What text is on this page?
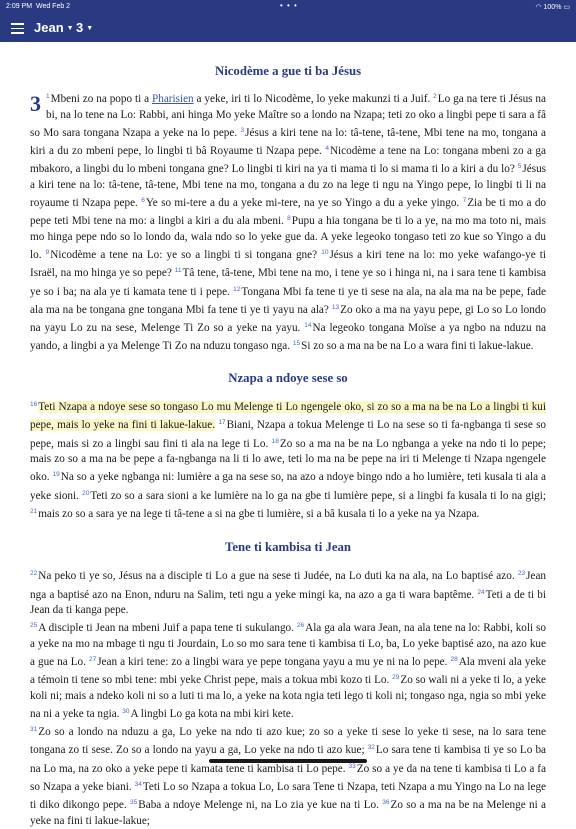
2:09 PM Wed Feb 2	• • •	◠ 100% ▭
Jean ▼ 3 ▼
Nicodème a gue ti ba Jésus

3 $^1$Mbeni zo na popo ti a Pharisien a yeke, iri ti lo Nicodème, lo yeke makunzi ti a Juif. $^2$Lo ga na tere ti Jésus na bi, na lo tene na Lo: Rabbi, ani hinga Mo yeke Maître so a londo na Nzapa; teti zo oko a lingbi pepe ti sara a fâ so Mo sara tongana Nzapa a yeke na lo pepe. $^3$Jésus a kiri tene na lo: tâ-tene, tâ-tene, Mbi tene na mo, tongana a kiri a du zo mbeni pepe, lo lingbi ti bâ Royaume ti Nzapa pepe. $^4$Nicodème a tene na Lo: tongana mbeni zo a ga mbakoro, a lingbi du lo mbeni tongana gne? Lo lingbi ti kiri na ya ti mama ti lo si mama ti lo a kiri a du lo? $^5$Jésus a kiri tene na lo: tâ-tene, tâ-tene, Mbi tene na mo, tongana a du zo na lege ti ngu na Yingo pepe, lo lingbi ti li na royaume ti Nzapa pepe. $^6$Ye so mi-tere a du a yeke mi-tere, na ye so Yingo a du a yeke yingo. $^7$Zia be ti mo a do pepe teti Mbi tene na mo: a lingbi a kiri a du ala mbeni. $^8$Pupu a hia tongana be ti lo a ye, na mo ma toto ni, mais mo hinga pepe ndo so lo londo da, wala ndo so lo yeke gue da. A yeke legeoko tongaso teti zo kue so Yingo a du lo. $^9$Nicodème a tene na Lo: ye so a lingbi ti si tongana gne? $^{10}$Jésus a kiri tene na lo: mo yeke wafango-ye ti Israël, na mo hinga ye so pepe? $^{11}$Tâ tene, tâ-tene, Mbi tene na mo, i tene ye so i hinga ni, na i sara tene ti kambisa ye so i ba; na ala ye ti kamata tene ti i pepe. $^{12}$Tongana Mbi fa tene ti ye ti sese na ala, na ala ma na be pepe, fade ala ma na be tongana gne tongana Mbi fa tene ti ye ti yayu na ala? $^{13}$Zo oko a ma na yayu pepe, gi Lo so Lo londo na yayu Lo zu na sese, Melenge Ti Zo so a yeke na yayu. $^{14}$Na legeoko tongana Moïse a ya ngbo na nduzu na yando, a lingbi a ya Melenge Ti Zo na nduzu tongaso nga. $^{15}$Si zo so a ma na be na Lo a wara fini ti lakue-lakue.

Nzapa a ndoye sese so

$^{16}$Teti Nzapa a ndoye sese so tongaso Lo mu Melenge ti Lo ngengele oko, si zo so a ma na be na Lo a lingbi ti kui pepe, mais lo yeke na fini ti lakue-lakue. $^{17}$Biani, Nzapa a tokua Melenge ti Lo na sese so ti fa-ngbanga ti sese so pepe, mais si zo a lingbi sau fini ti ala na lege ti Lo. $^{18}$Zo so a ma na be na Lo ngbanga a yeke na ndo ti lo pepe; mais zo so a ma na be pepe a fa-ngbanga na li ti lo awe, teti lo ma na be pepe na iri ti Melenge ti Nzapa ngengele oko. $^{19}$Na so a yeke ngbanga ni: lumière a ga na sese so, na azo a ndoye bingo ndo a ho lumière, teti kusala ti ala a yeke sioni. $^{20}$Teti zo so a sara sioni a ke lumière na lo ga na gbe ti lumière pepe, si a lingbi fa kusala ti lo na gigi; $^{21}$mais zo so a sara ye na lege ti tâ-tene a si na gbe ti lumière, si a bâ kusala ti lo a yeke na ya Nzapa.

Tene ti kambisa ti Jean

$^{22}$Na peko ti ye so, Jésus na a disciple ti Lo a gue na sese ti Judée, na Lo duti ka na ala, na Lo baptisé azo. $^{23}$Jean nga a baptisé azo na Enon, nduru na Salim, teti ngu a yeke mingi ka, na azo a ga ti wara baptême. $^{24}$Teti a de ti bi Jean da ti kanga pepe.

$^{25}$A disciple ti Jean na mbeni Juif a papa tene ti sukulango. $^{26}$Ala ga ala wara Jean, na ala tene na lo: Rabbi, koli so a yeke na mo na mbage ti ngu ti Jourdain, Lo so mo sara tene ti kambisa ti Lo, ba, Lo yeke baptisé azo, na azo kue a gue na Lo. $^{27}$Jean a kiri tene: zo a lingbi wara ye pepe tongana yayu a mu ye ni na lo pepe. $^{28}$Ala mveni ala yeke a témoin ti tene so mbi tene: mbi yeke Christ pepe, mais a tokua mbi kozo ti Lo. $^{29}$Zo so wali ni a yeke ti lo, a yeke koli ni; mais a ndeko koli ni so a luti ti ma lo, a yeke na kota ngia teti lego ti koli ni; tongaso nga, ngia so mbi yeke na ni a yeke ta ngia. $^{30}$A lingbi Lo ga kota na mbi kiri kete.

$^{31}$Zo so a londo na nduzu a ga, Lo yeke na ndo ti azo kue; zo so a yeke ti sese lo yeke ti sese, na lo sara tene tongana zo ti sese. Zo so a londo na yayu a ga, Lo yeke na ndo ti azo kue; $^{32}$Lo sara tene ti kambisa ti ye so Lo ba na Lo ma, na zo oko a yeke pepe ti kamata tene ti kambisa ti Lo pepe. $^{33}$Zo so a ye da na tene ti kambisa ti Lo a fa so Nzapa a yeke biani. $^{34}$Teti Lo so Nzapa a tokua Lo, Lo sara Tene ti Nzapa, teti Nzapa a mu Yingo na Lo na lege ti diko dikongo pepe. $^{35}$Baba a ndoye Melenge ni, na Lo zia ye kue na ti Lo. $^{36}$Zo so a ma na be na Melenge ni a yeke na fini ti lakue-lakue;
